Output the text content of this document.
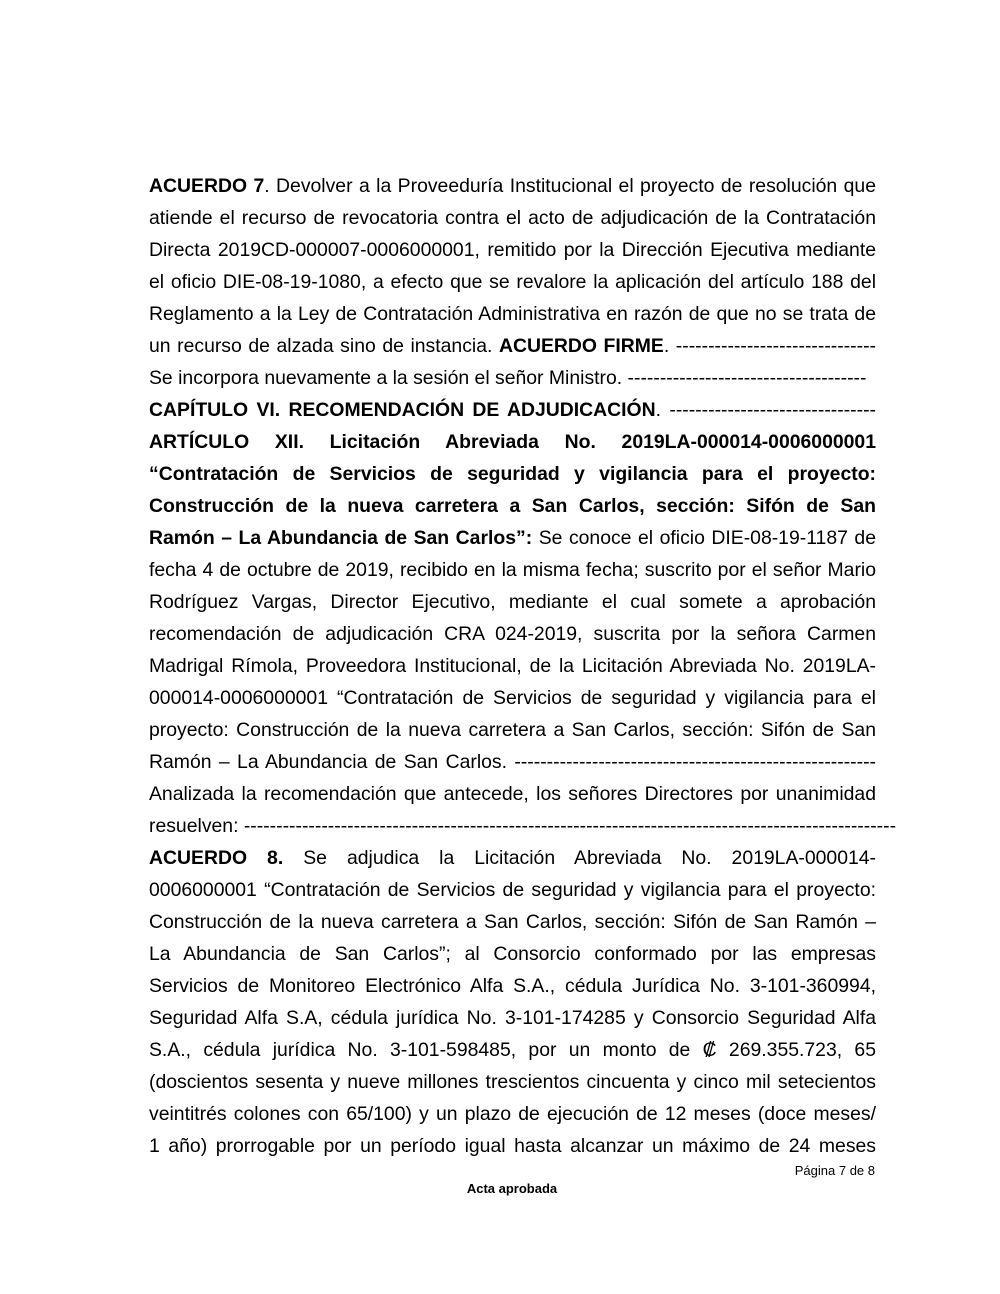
ACUERDO 7. Devolver a la Proveeduría Institucional el proyecto de resolución que
atiende el recurso de revocatoria contra el acto de adjudicación de la Contratación
Directa 2019CD-000007-0006000001, remitido por la Dirección Ejecutiva mediante
el oficio DIE-08-19-1080, a efecto que se revalore la aplicación del artículo 188 del
Reglamento a la Ley de Contratación Administrativa en razón de que no se trata de
un recurso de alzada sino de instancia. ACUERDO FIRME. -------------------------------
Se incorpora nuevamente a la sesión el señor Ministro. -------------------------------------
CAPÍTULO VI. RECOMENDACIÓN DE ADJUDICACIÓN. --------------------------------
ARTÍCULO XII. Licitación Abreviada No. 2019LA-000014-0006000001
“Contratación de Servicios de seguridad y vigilancia para el proyecto:
Construcción de la nueva carretera a San Carlos, sección: Sifón de San
Ramón – La Abundancia de San Carlos”: Se conoce el oficio DIE-08-19-1187 de
fecha 4 de octubre de 2019, recibido en la misma fecha; suscrito por el señor Mario
Rodríguez Vargas, Director Ejecutivo, mediante el cual somete a aprobación
recomendación de adjudicación CRA 024-2019, suscrita por la señora Carmen
Madrigal Rímola, Proveedora Institucional, de la Licitación Abreviada No. 2019LA-
000014-0006000001 “Contratación de Servicios de seguridad y vigilancia para el
proyecto: Construcción de la nueva carretera a San Carlos, sección: Sifón de San
Ramón – La Abundancia de San Carlos. --------------------------------------------------------
Analizada la recomendación que antecede, los señores Directores por unanimidad
resuelven: -----------------------------------------------------------------------------------------------------
ACUERDO 8. Se adjudica la Licitación Abreviada No. 2019LA-000014-
0006000001 “Contratación de Servicios de seguridad y vigilancia para el proyecto:
Construcción de la nueva carretera a San Carlos, sección: Sifón de San Ramón –
La Abundancia de San Carlos”; al Consorcio conformado por las empresas
Servicios de Monitoreo Electrónico Alfa S.A., cédula Jurídica No. 3-101-360994,
Seguridad Alfa S.A, cédula jurídica No. 3-101-174285 y Consorcio Seguridad Alfa
S.A., cédula jurídica No. 3-101-598485, por un monto de ₡ 269.355.723, 65
(doscientos sesenta y nueve millones trescientos cincuenta y cinco mil setecientos
veintitrés colones con 65/100) y un plazo de ejecución de 12 meses (doce meses/
1 año) prorrogable por un período igual hasta alcanzar un máximo de 24 meses
Página 7 de 8
Acta aprobada
